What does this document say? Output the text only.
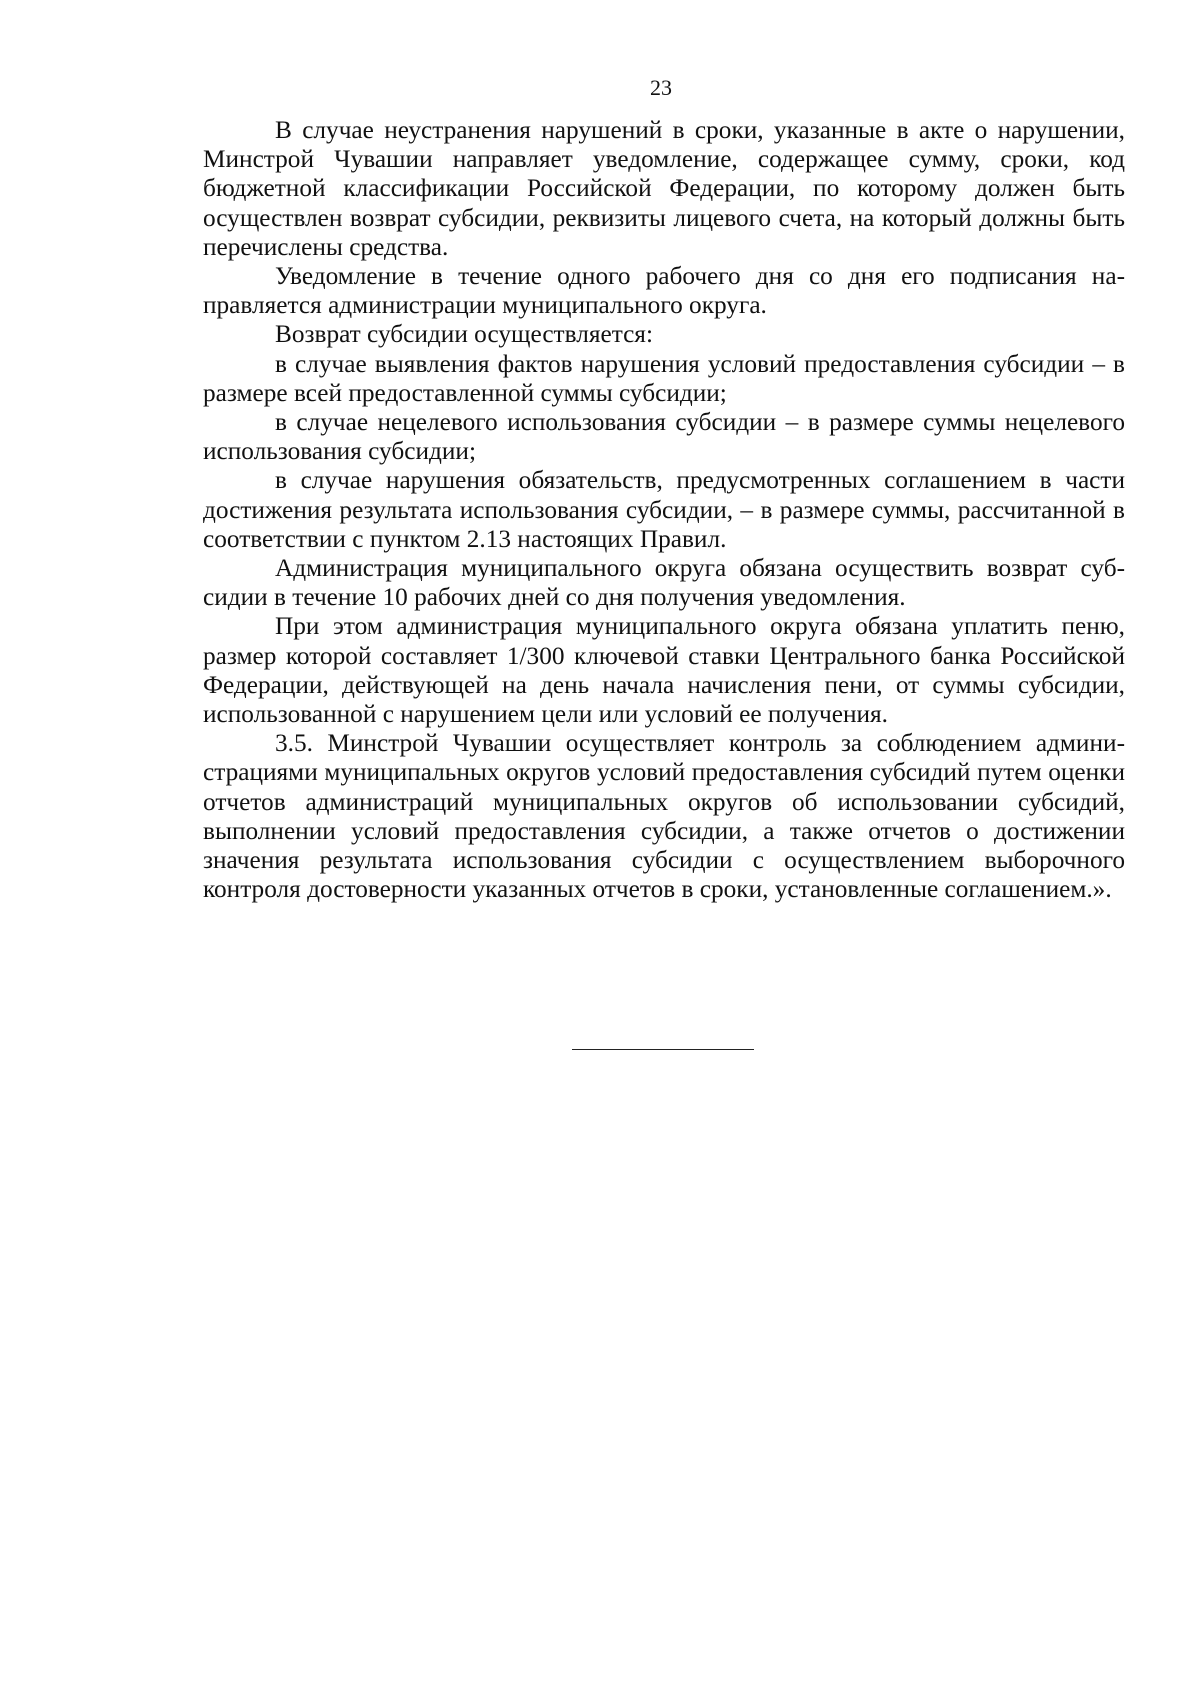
23

В случае неустранения нарушений в сроки, указанные в акте о нарушении, Минстрой Чувашии направляет уведомление, содержащее сумму, сроки, код бюджетной классификации Российской Федерации, по которому должен быть осуществлен возврат субсидии, реквизиты лицевого счета, на который должны быть перечислены средства.

Уведомление в течение одного рабочего дня со дня его подписания направляется администрации муниципального округа.

Возврат субсидии осуществляется:

в случае выявления фактов нарушения условий предоставления субсидии – в размере всей предоставленной суммы субсидии;

в случае нецелевого использования субсидии – в размере суммы нецелевого использования субсидии;

в случае нарушения обязательств, предусмотренных соглашением в части достижения результата использования субсидии, – в размере суммы, рассчитанной в соответствии с пунктом 2.13 настоящих Правил.

Администрация муниципального округа обязана осуществить возврат субсидии в течение 10 рабочих дней со дня получения уведомления.

При этом администрация муниципального округа обязана уплатить пеню, размер которой составляет 1/300 ключевой ставки Центрального банка Российской Федерации, действующей на день начала начисления пени, от суммы субсидии, использованной с нарушением цели или условий ее получения.

3.5. Минстрой Чувашии осуществляет контроль за соблюдением администрациями муниципальных округов условий предоставления субсидий путем оценки отчетов администраций муниципальных округов об использовании субсидий, выполнении условий предоставления субсидии, а также отчетов о достижении значения результата использования субсидии с осуществлением выборочного контроля достоверности указанных отчетов в сроки, установленные соглашением.».
